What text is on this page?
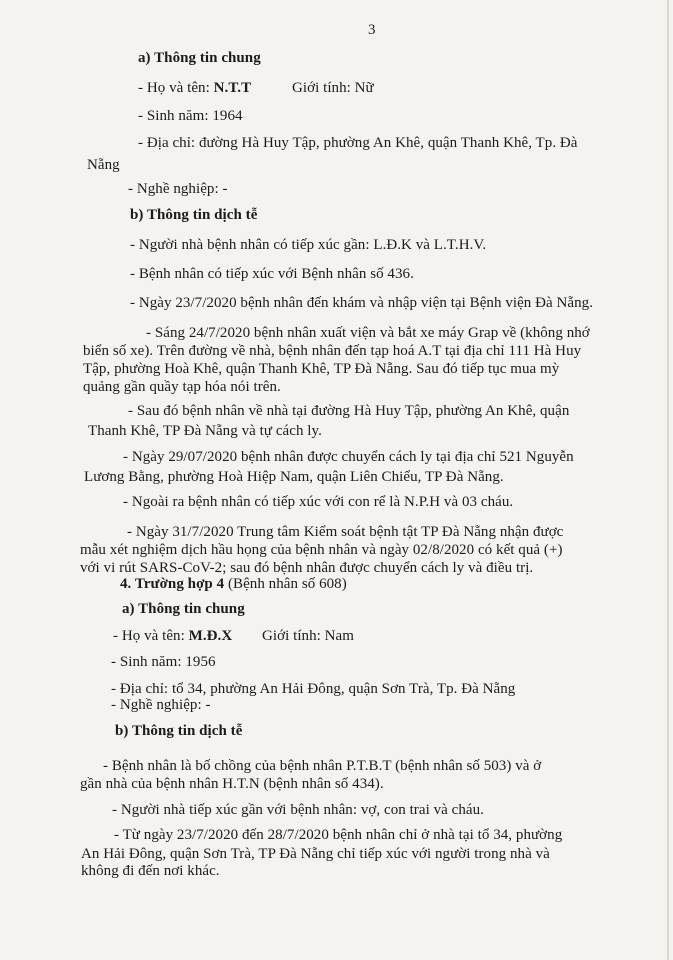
3
a) Thông tin chung
- Họ và tên: N.T.T	Giới tính: Nữ
- Sinh năm: 1964
- Địa chỉ: đường Hà Huy Tập, phường An Khê, quận Thanh Khê, Tp. Đà
Nẵng
- Nghề nghiệp: -
b) Thông tin dịch tễ
- Người nhà bệnh nhân có tiếp xúc gần: L.Đ.K và L.T.H.V.
- Bệnh nhân có tiếp xúc với Bệnh nhân số 436.
- Ngày 23/7/2020 bệnh nhân đến khám và nhập viện tại Bệnh viện Đà Nẵng.
- Sáng 24/7/2020 bệnh nhân xuất viện và bắt xe máy Grap về (không nhớ
biển số xe). Trên đường về nhà, bệnh nhân đến tạp hoá A.T tại địa chỉ 111 Hà Huy
Tập, phường Hoà Khê, quận Thanh Khê, TP Đà Nẵng. Sau đó tiếp tục mua mỳ
quảng gần quầy tạp hóa nói trên.
- Sau đó bệnh nhân về nhà tại đường Hà Huy Tập, phường An Khê, quận
Thanh Khê, TP Đà Nẵng và tự cách ly.
- Ngày 29/07/2020 bệnh nhân được chuyển cách ly tại địa chỉ 521 Nguyễn
Lương Bằng, phường Hoà Hiệp Nam, quận Liên Chiểu, TP Đà Nẵng.
- Ngoài ra bệnh nhân có tiếp xúc với con rể là N.P.H và 03 cháu.
- Ngày 31/7/2020 Trung tâm Kiểm soát bệnh tật TP Đà Nẵng nhận được
mẫu xét nghiệm dịch hầu họng của bệnh nhân và ngày 02/8/2020 có kết quả (+)
với vi rút SARS-CoV-2; sau đó bệnh nhân được chuyển cách ly và điều trị.
4. Trường hợp 4 (Bệnh nhân số 608)
a) Thông tin chung
- Họ và tên: M.Đ.X Giới tính: Nam
- Sinh năm: 1956
- Địa chỉ: tổ 34, phường An Hải Đông, quận Sơn Trà, Tp. Đà Nẵng
- Nghề nghiệp: -
b) Thông tin dịch tễ
- Bệnh nhân là bố chồng của bệnh nhân P.T.B.T (bệnh nhân số 503) và ở
gần nhà của bệnh nhân H.T.N (bệnh nhân số 434).
- Người nhà tiếp xúc gần với bệnh nhân: vợ, con trai và cháu.
- Từ ngày 23/7/2020 đến 28/7/2020 bệnh nhân chỉ ở nhà tại tổ 34, phường
An Hải Đông, quận Sơn Trà, TP Đà Nẵng chỉ tiếp xúc với người trong nhà và
không đi đến nơi khác.
